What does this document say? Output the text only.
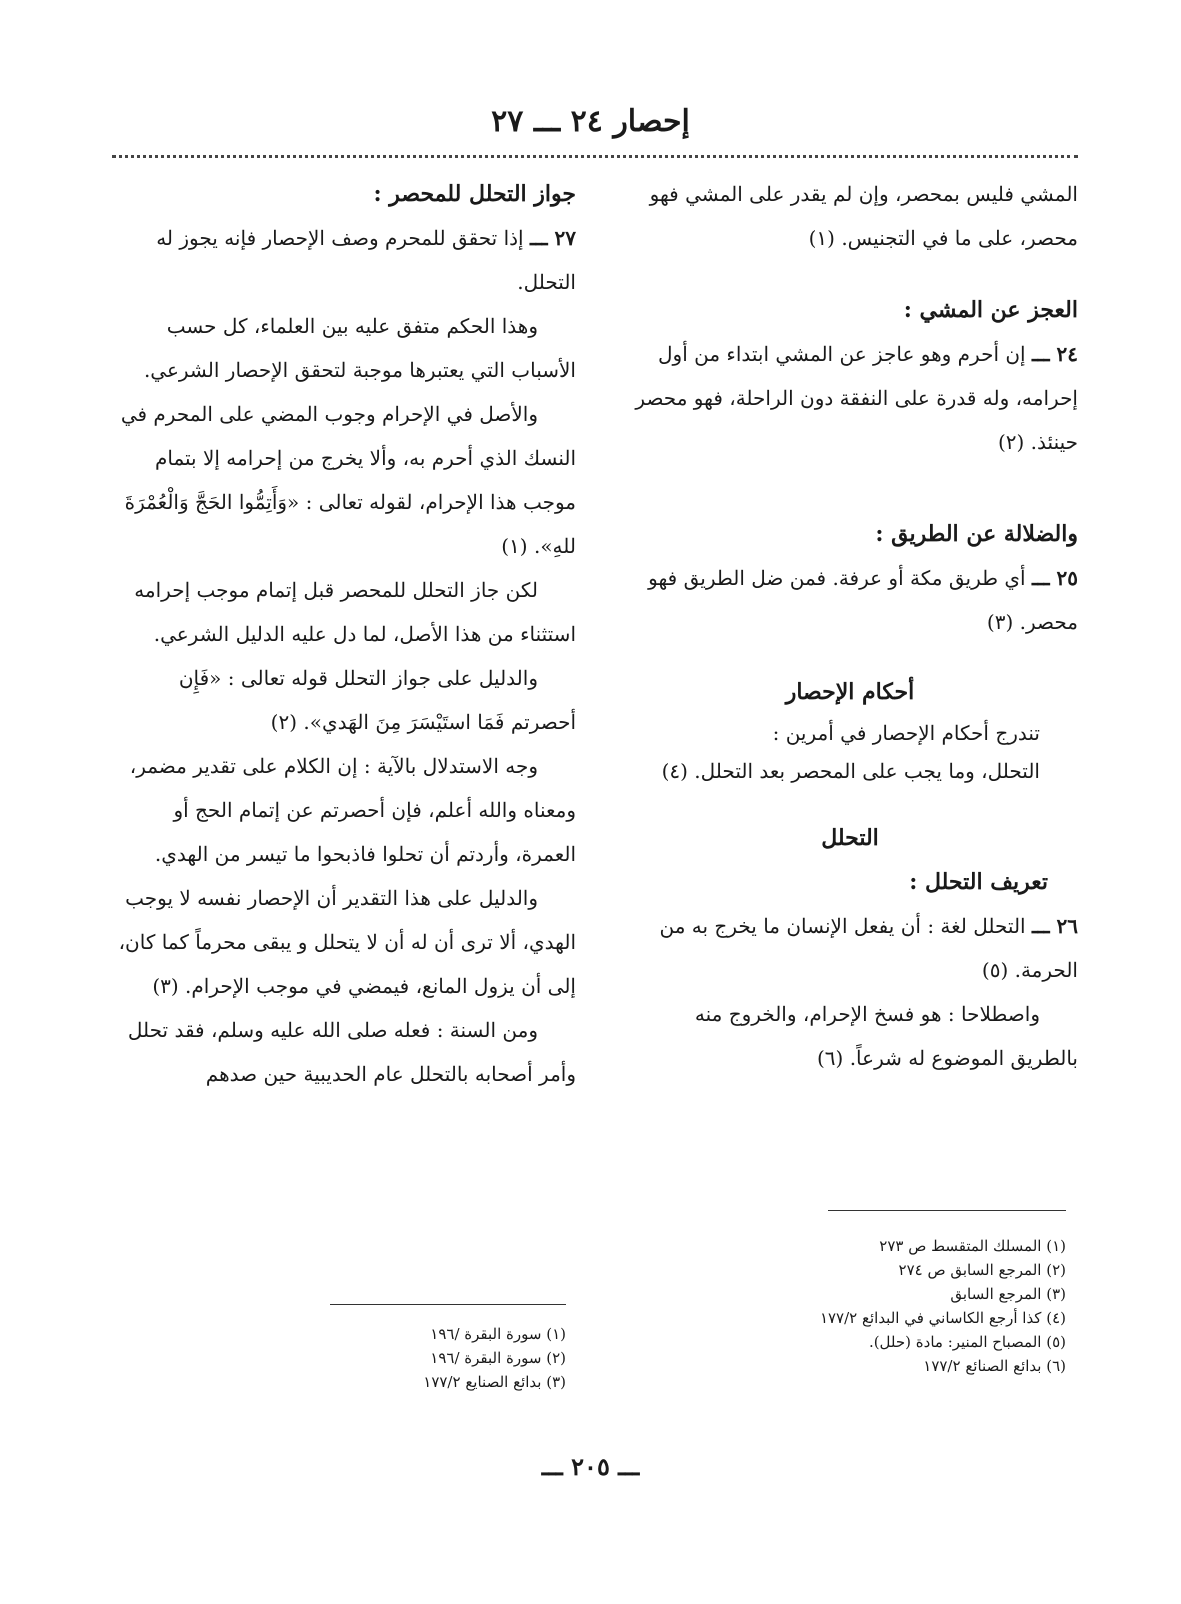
إحصار ٢٤ ـــ ٢٧

المشي فليس بمحصر، وإن لم يقدر على المشي فهو محصر، على ما في التجنيس. (١)

العجز عن المشي :

٢٤ ـــ إن أحرم وهو عاجز عن المشي ابتداء من أول إحرامه، وله قدرة على النفقة دون الراحلة، فهو محصر حينئذ. (٢)

والضلالة عن الطريق :

٢٥ ـــ أي طريق مكة أو عرفة. فمن ضل الطريق فهو محصر. (٣)

أحكام الإحصار

تندرج أحكام الإحصار في أمرين :

التحلل، وما يجب على المحصر بعد التحلل. (٤)

التحلل

تعريف التحلل :

٢٦ ـــ التحلل لغة : أن يفعل الإنسان ما يخرج به من الحرمة. (٥)

واصطلاحا : هو فسخ الإحرام، والخروج منه بالطريق الموضوع له شرعاً. (٦)

جواز التحلل للمحصر :

٢٧ ـــ إذا تحقق للمحرم وصف الإحصار فإنه يجوز له التحلل.

وهذا الحكم متفق عليه بين العلماء، كل حسب الأسباب التي يعتبرها موجبة لتحقق الإحصار الشرعي.

والأصل في الإحرام وجوب المضي على المحرم في النسك الذي أحرم به، وألا يخرج من إحرامه إلا بتمام موجب هذا الإحرام، لقوله تعالى : «وَأَتِمُّوا الحَجَّ وَالْعُمْرَةَ للهِ». (١)

لكن جاز التحلل للمحصر قبل إتمام موجب إحرامه استثناء من هذا الأصل، لما دل عليه الدليل الشرعي.

والدليل على جواز التحلل قوله تعالى : «فَإِن أحصرتم فَمَا استَيْسَرَ مِنَ الهَدي». (٢)

وجه الاستدلال بالآية : إن الكلام على تقدير مضمر، ومعناه والله أعلم، فإن أحصرتم عن إتمام الحج أو العمرة، وأردتم أن تحلوا فاذبحوا ما تيسر من الهدي.

والدليل على هذا التقدير أن الإحصار نفسه لا يوجب الهدي، ألا ترى أن له أن لا يتحلل و يبقى محرماً كما كان، إلى أن يزول المانع، فيمضي في موجب الإحرام. (٣)

ومن السنة : فعله صلى الله عليه وسلم، فقد تحلل وأمر أصحابه بالتحلل عام الحديبية حين صدهم

(١) المسلك المتقسط ص ٢٧٣
(٢) المرجع السابق ص ٢٧٤
(٣) المرجع السابق
(٤) كذا أرجع الكاساني في البدائع ١٧٧/٢
(٥) المصباح المنير: مادة (حلل).
(٦) بدائع الصنائع ١٧٧/٢
(١) سورة البقرة /١٩٦
(٢) سورة البقرة /١٩٦
(٣) بدائع الصنايع ١٧٧/٢
ـــ ٢٠٥ ـــ
